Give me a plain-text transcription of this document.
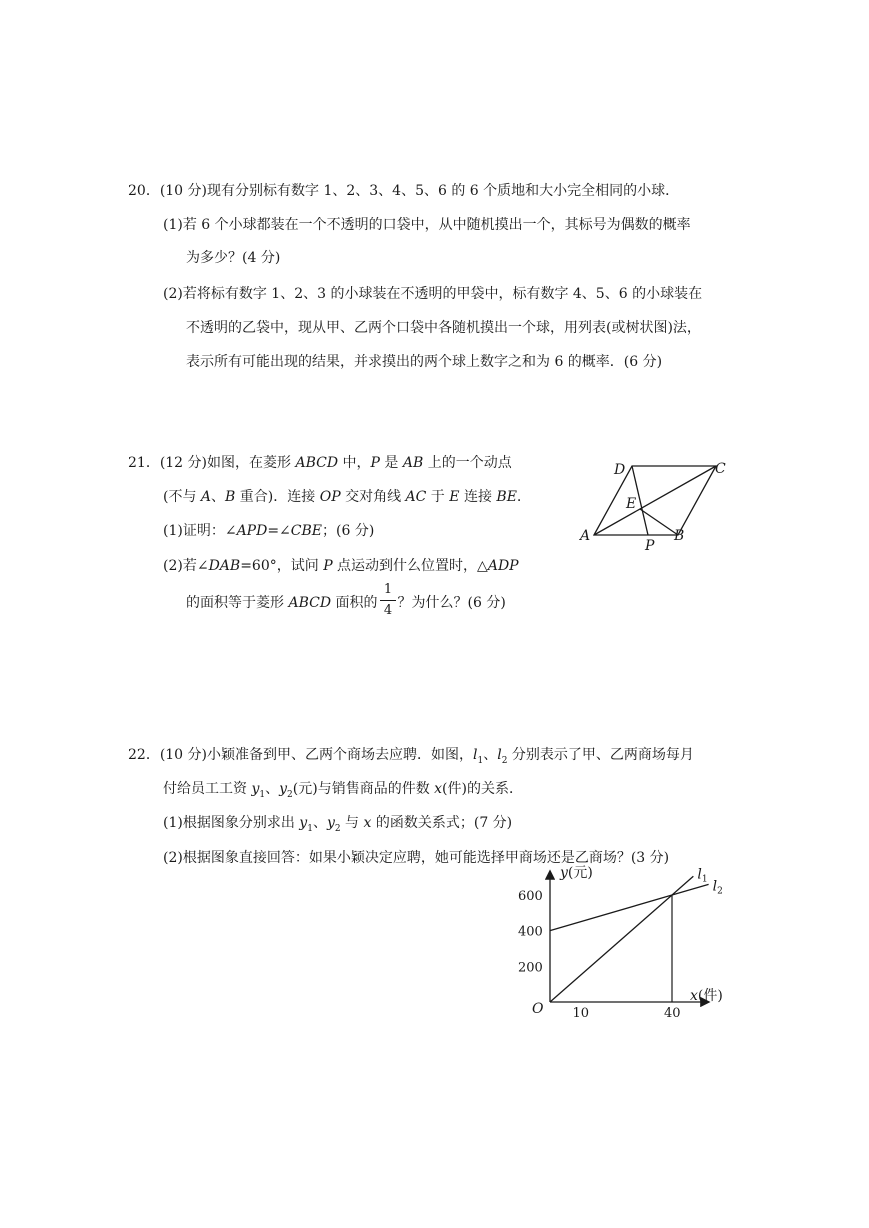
20．(10 分)现有分别标有数字 1、2、3、4、5、6 的 6 个质地和大小完全相同的小球．
(1)若 6 个小球都装在一个不透明的口袋中，从中随机摸出一个，其标号为偶数的概率
为多少？(4 分)
(2)若将标有数字 1、2、3 的小球装在不透明的甲袋中，标有数字 4、5、6 的小球装在
不透明的乙袋中，现从甲、乙两个口袋中各随机摸出一个球，用列表(或树状图)法，
表示所有可能出现的结果，并求摸出的两个球上数字之和为 6 的概率．(6 分)
21．(12 分)如图，在菱形 ABCD 中，P 是 AB 上的一个动点
(不与 A、B 重合)．连接 OP 交对角线 AC 于 E 连接 BE.
(1)证明：∠APD=∠CBE；(6 分)
(2)若∠DAB=60°，试问 P 点运动到什么位置时，△ADP
的面积等于菱形 ABCD 面积的 ？为什么？(6 分)
1
4
D	C
E
A
P
B
22．(10 分)小颖准备到甲、乙两个商场去应聘．如图，$l_1$、$l_2$ 分别表示了甲、乙两商场每月
付给员工工资 $y_1$、$y_2$(元)与销售商品的件数 x(件)的关系．
(1)根据图象分别求出 $y_1$、$y_2$ 与 x 的函数关系式；(7 分)
(2)根据图象直接回答：如果小颖决定应聘，她可能选择甲商场还是乙商场？(3 分)
200
400
600
10	40
$l_1$ $l_2$
O
y(元)
x(件)
